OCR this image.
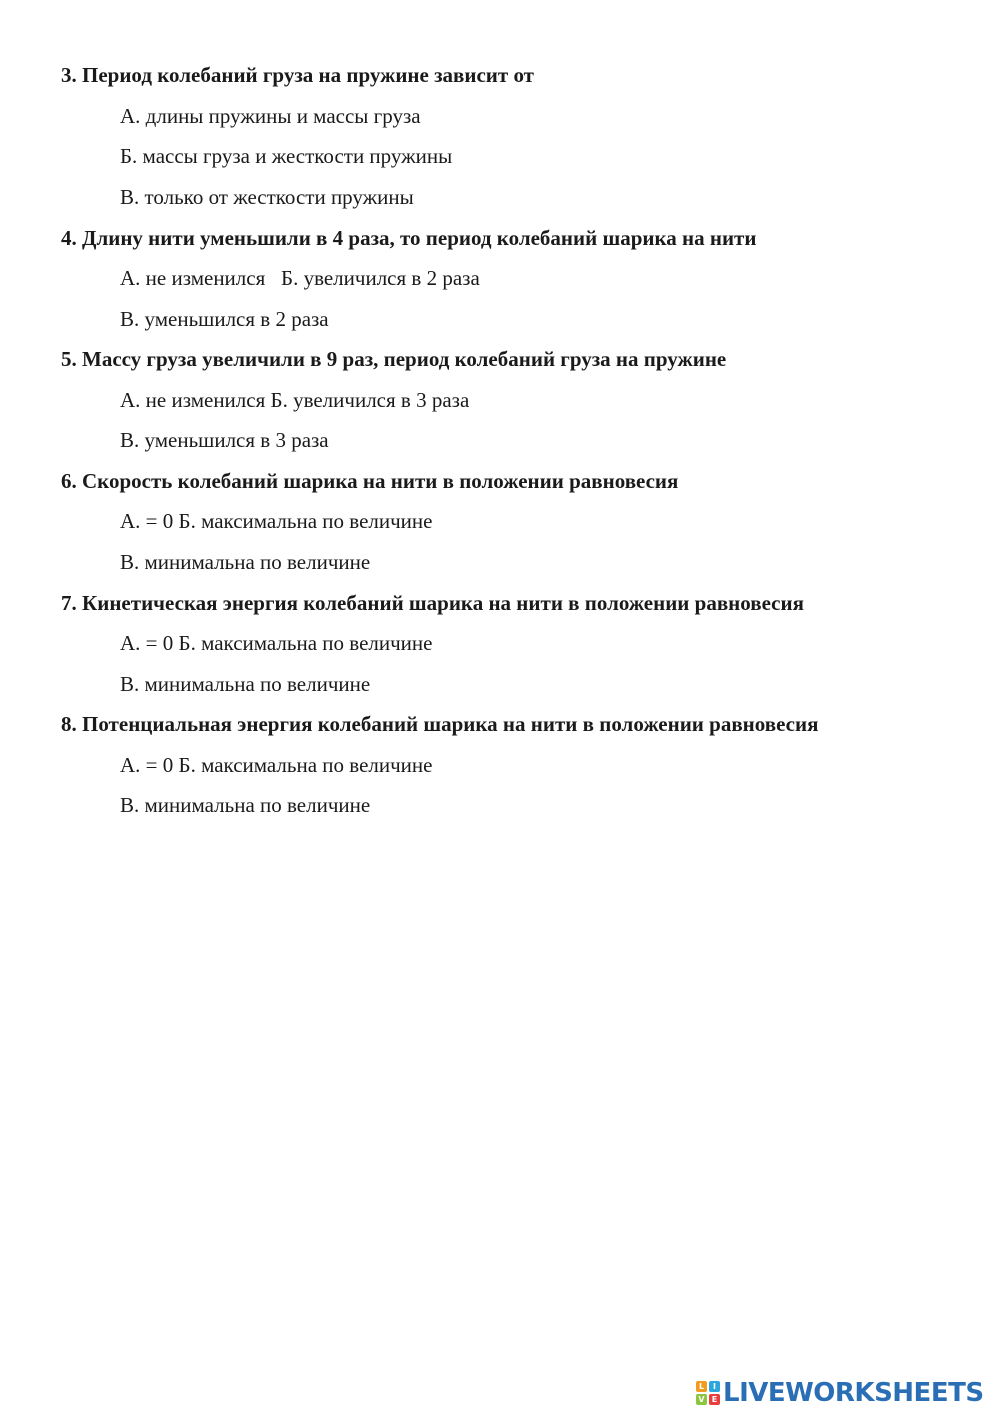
3. Период колебаний груза на пружине зависит от
А. длины пружины и массы груза
Б. массы груза и жесткости пружины
В. только от жесткости пружины
4. Длину нити уменьшили в 4 раза, то период колебаний шарика на нити
А. не изменился   Б. увеличился в 2 раза
В. уменьшился в 2 раза
5. Массу груза увеличили в 9 раз, период колебаний груза на пружине
А. не изменился Б. увеличился в 3 раза
В. уменьшился в 3 раза
6. Скорость колебаний шарика на нити в положении равновесия
А. = 0 Б. максимальна по величине
В. минимальна по величине
7. Кинетическая энергия колебаний шарика на нити в положении равновесия
А. = 0 Б. максимальна по величине
В. минимальна по величине
8. Потенциальная энергия колебаний шарика на нити в положении равновесия
А. = 0 Б. максимальна по величине
В. минимальна по величине
L	I
V E LIVEWORKSHEETS
